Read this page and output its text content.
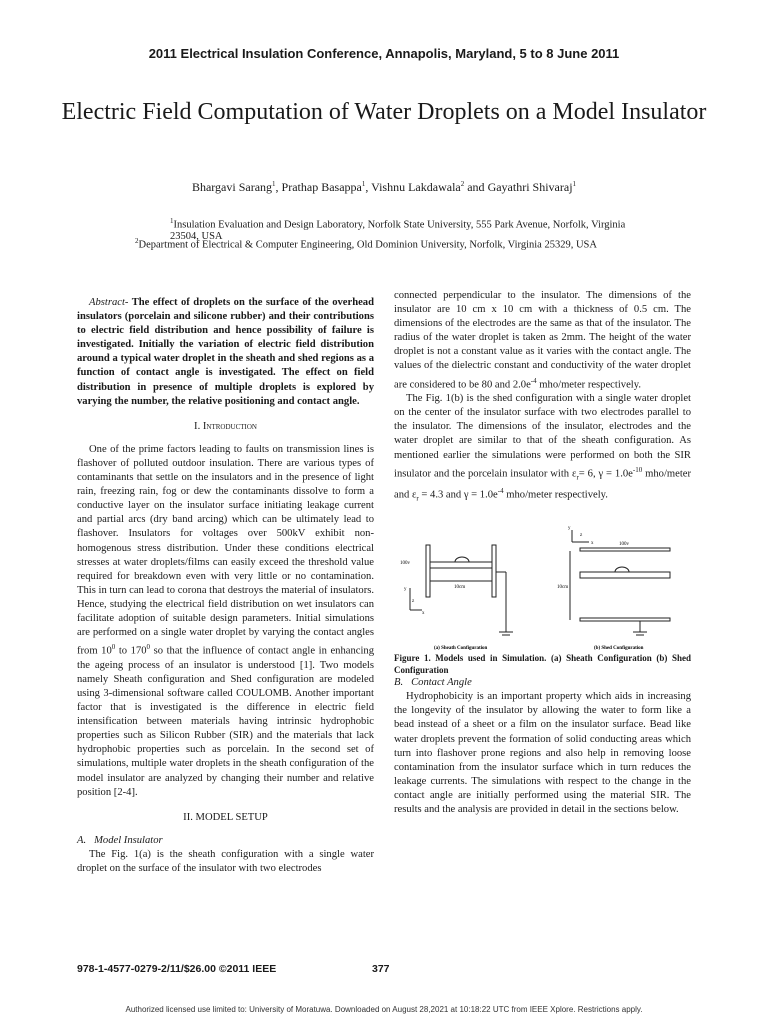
2011 Electrical Insulation Conference, Annapolis, Maryland, 5 to 8 June 2011
Electric Field Computation of Water Droplets on a Model Insulator
Bhargavi Sarang$^1$, Prathap Basappa$^1$, Vishnu Lakdawala$^2$ and Gayathri Shivaraj$^1$
$^1$Insulation Evaluation and Design Laboratory, Norfolk State University, 555 Park Avenue, Norfolk, Virginia 23504, USA
$^2$Department of Electrical & Computer Engineering, Old Dominion University, Norfolk, Virginia 25329, USA

Abstract- The effect of droplets on the surface of the overhead insulators (porcelain and silicone rubber) and their contributions to electric field distribution and hence possibility of failure is investigated. Initially the variation of electric field distribution around a typical water droplet in the sheath and shed regions as a function of contact angle is investigated. The effect on field distribution in presence of multiple droplets is explored by varying the number, the relative positioning and contact angle.

I. Introduction

One of the prime factors leading to faults on transmission lines is flashover of polluted outdoor insulation. There are various types of contaminants that settle on the insulators and in the presence of light rain, freezing rain, fog or dew the contaminants dissolve to form a conductive layer on the insulator surface initiating leakage current and partial arcs (dry band arcing) which can be ultimately lead to flashover. Insulators for voltages over 500kV exhibit non-homogenous stress distribution. Under these conditions electrical stresses at water droplets/films can easily exceed the threshold value required for breakdown even with very little or no contamination. This in turn can lead to corona that destroys the material of insulators. Hence, studying the electrical field distribution on wet insulators can facilitate adoption of suitable design parameters. Initial simulations are performed on a single water droplet by varying the contact angles from $10^0$ to $170^0$ so that the influence of contact angle in enhancing the ageing process of an insulator is understood [1]. Two models namely Sheath configuration and Shed configuration are modeled using 3-dimensional software called COULOMB. Another important factor that is investigated is the difference in electric field intensification between materials having intrinsic hydrophobic properties such as Silicon Rubber (SIR) and the materials that lack hydrophobic properties such as porcelain. In the second set of simulations, multiple water droplets in the sheath configuration of the model insulator are analyzed by changing their number and relative position [2-4].

II. MODEL SETUP

A. Model Insulator

The Fig. 1(a) is the sheath configuration with a single water droplet on the surface of the insulator with two electrodes

connected perpendicular to the insulator. The dimensions of the insulator are 10 cm x 10 cm with a thickness of 0.5 cm. The dimensions of the electrodes are the same as that of the insulator. The radius of the water droplet is taken as 2mm. The height of the water droplet is not a constant value as it varies with the contact angle. The values of the dielectric constant and conductivity of the water droplet are considered to be 80 and $2.0e^{-4}$ mho/meter respectively.

The Fig. 1(b) is the shed configuration with a single water droplet on the center of the insulator surface with two electrodes parallel to the insulator. The dimensions of the insulator, electrodes and the water droplet are similar to that of the sheath configuration. As mentioned earlier the simulations were performed on both the SIR insulator and the porcelain insulator with $\varepsilon_r= 6$, $\gamma = 1.0e^{-10}$ mho/meter and $\varepsilon_r = 4.3$ and $\gamma = 1.0e^{-4}$ mho/meter respectively.

100v
10cm
y
x
z
100v
10cm
y
x
z
(a) Sheath Configuration	(b) Shed Configuration

Figure 1. Models used in Simulation. (a) Sheath Configuration (b) Shed Configuration

B. Contact Angle

Hydrophobicity is an important property which aids in increasing the longevity of the insulator by allowing the water to form like a bead instead of a sheet or a film on the insulator surface. Bead like water droplets prevent the formation of solid conducting areas which turn into flashover prone regions and also help in removing loose contamination from the insulator surface which in turn reduces the leakage currents. The simulations with respect to the change in the contact angle are initially performed using the material SIR. The results and the analysis are provided in detail in the sections below.

978-1-4577-0279-2/11/$26.00 ©2011 IEEE	377
Authorized licensed use limited to: University of Moratuwa. Downloaded on August 28,2021 at 10:18:22 UTC from IEEE Xplore. Restrictions apply.
